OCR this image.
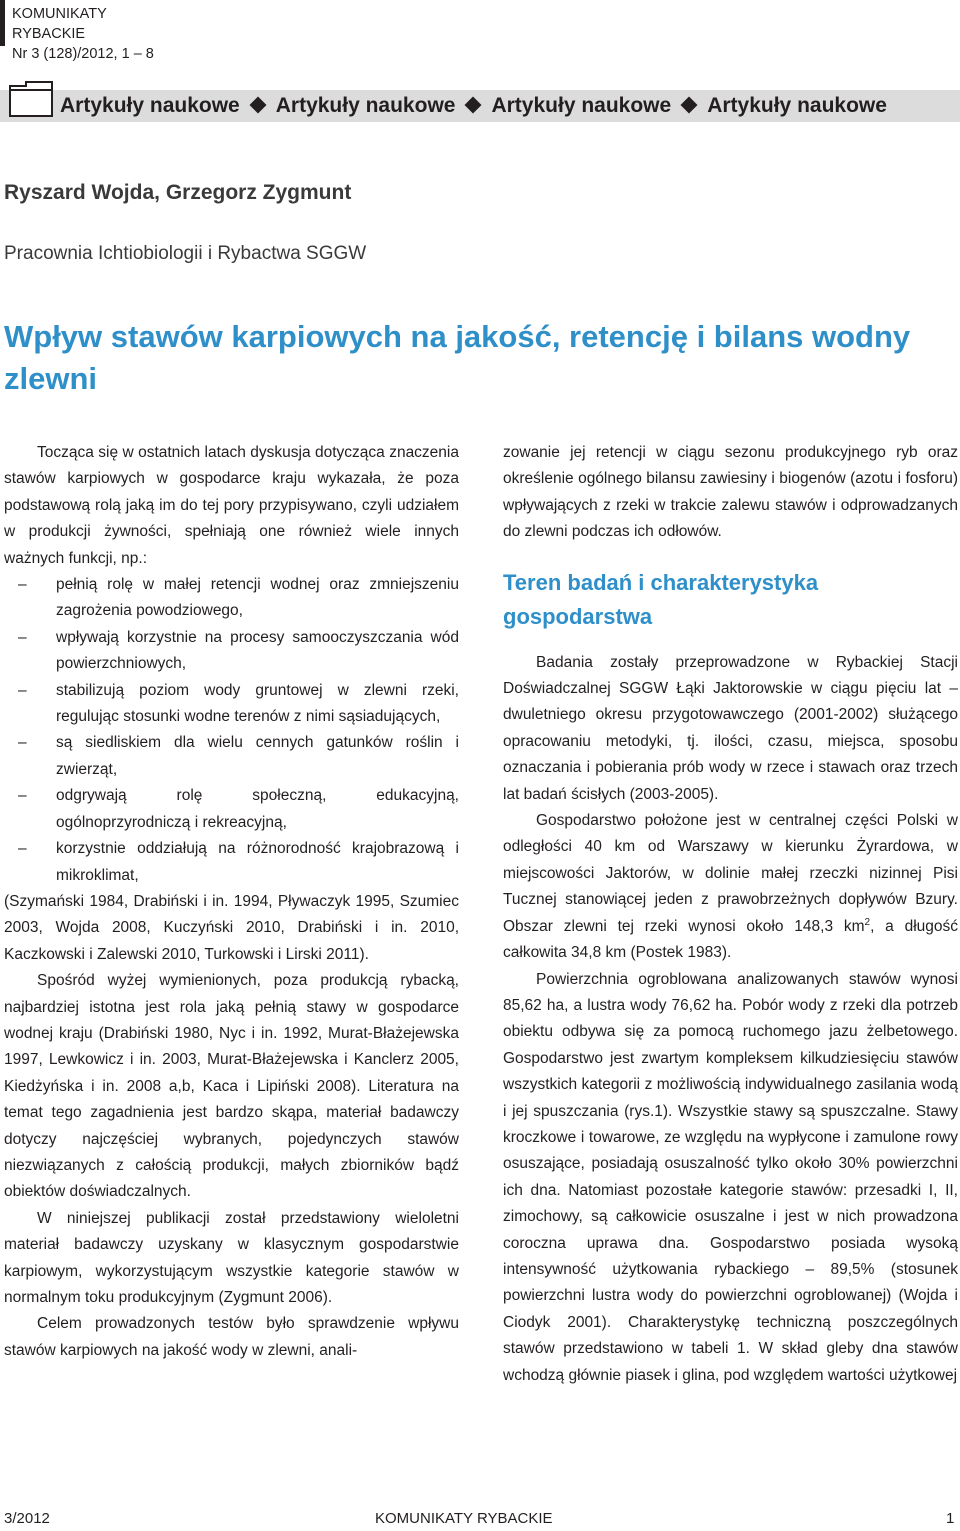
KOMUNIKATY RYBACKIE
Nr 3 (128)/2012, 1 – 8
Artykuły naukowe Artykuły naukowe Artykuły naukowe Artykuły naukowe
Ryszard Wojda, Grzegorz Zygmunt
Pracownia Ichtiobiologii i Rybactwa SGGW
Wpływ stawów karpiowych na jakość, retencję i bilans wodny zlewni

Tocząca się w ostatnich latach dyskusja dotycząca znaczenia stawów karpiowych w gospodarce kraju wykazała, że poza podstawową rolą jaką im do tej pory przypisywano, czyli udziałem w produkcji żywności, spełniają one również wiele innych ważnych funkcji, np.:

– pełnią rolę w małej retencji wodnej oraz zmniejszeniu zagrożenia powodziowego,
– wpływają korzystnie na procesy samooczyszczania wód powierzchniowych,
– stabilizują poziom wody gruntowej w zlewni rzeki, regulując stosunki wodne terenów z nimi sąsiadujących,
– są siedliskiem dla wielu cennych gatunków roślin i zwierząt,
– odgrywają rolę społeczną, edukacyjną, ogólnoprzyrodniczą i rekreacyjną,
– korzystnie oddziałują na różnorodność krajobrazową i mikroklimat,

(Szymański 1984, Drabiński i in. 1994, Pływaczyk 1995, Szumiec 2003, Wojda 2008, Kuczyński 2010, Drabiński i in. 2010, Kaczkowski i Zalewski 2010, Turkowski i Lirski 2011).

Spośród wyżej wymienionych, poza produkcją rybacką, najbardziej istotna jest rola jaką pełnią stawy w gospodarce wodnej kraju (Drabiński 1980, Nyc i in. 1992, Murat-Błażejewska 1997, Lewkowicz i in. 2003, Murat-Błażejewska i Kanclerz 2005, Kiedżyńska i in. 2008 a,b, Kaca i Lipiński 2008). Literatura na temat tego zagadnienia jest bardzo skąpa, materiał badawczy dotyczy najczęściej wybranych, pojedynczych stawów niezwiązanych z całością produkcji, małych zbiorników bądź obiektów doświadczalnych.

W niniejszej publikacji został przedstawiony wieloletni materiał badawczy uzyskany w klasycznym gospodarstwie karpiowym, wykorzystującym wszystkie kategorie stawów w normalnym toku produkcyjnym (Zygmunt 2006).

Celem prowadzonych testów było sprawdzenie wpływu stawów karpiowych na jakość wody w zlewni, anali-

zowanie jej retencji w ciągu sezonu produkcyjnego ryb oraz określenie ogólnego bilansu zawiesiny i biogenów (azotu i fosforu) wpływających z rzeki w trakcie zalewu stawów i odprowadzanych do zlewni podczas ich odłowów.

Teren badań i charakterystyka gospodarstwa

Badania zostały przeprowadzone w Rybackiej Stacji Doświadczalnej SGGW Łąki Jaktorowskie w ciągu pięciu lat – dwuletniego okresu przygotowawczego (2001-2002) służącego opracowaniu metodyki, tj. ilości, czasu, miejsca, sposobu oznaczania i pobierania prób wody w rzece i stawach oraz trzech lat badań ścisłych (2003-2005).

Gospodarstwo położone jest w centralnej części Polski w odległości 40 km od Warszawy w kierunku Żyrardowa, w miejscowości Jaktorów, w dolinie małej rzeczki nizinnej Pisi Tucznej stanowiącej jeden z prawobrzeżnych dopływów Bzury. Obszar zlewni tej rzeki wynosi około 148,3 $km^2$, a długość całkowita 34,8 km (Postek 1983).

Powierzchnia ogroblowana analizowanych stawów wynosi 85,62 ha, a lustra wody 76,62 ha. Pobór wody z rzeki dla potrzeb obiektu odbywa się za pomocą ruchomego jazu żelbetowego. Gospodarstwo jest zwartym kompleksem kilkudziesięciu stawów wszystkich kategorii z możliwością indywidualnego zasilania wodą i jej spuszczania (rys.1). Wszystkie stawy są spuszczalne. Stawy kroczkowe i towarowe, ze względu na wypłycone i zamulone rowy osuszające, posiadają osuszalność tylko około 30% powierzchni ich dna. Natomiast pozostałe kategorie stawów: przesadki I, II, zimochowy, są całkowicie osuszalne i jest w nich prowadzona coroczna uprawa dna. Gospodarstwo posiada wysoką intensywność użytkowania rybackiego – 89,5% (stosunek powierzchni lustra wody do powierzchni ogroblowanej) (Wojda i Ciodyk 2001). Charakterystykę techniczną poszczególnych stawów przedstawiono w tabeli 1. W skład gleby dna stawów wchodzą głównie piasek i glina, pod względem wartości użytkowej

3/2012	KOMUNIKATY RYBACKIE	1
